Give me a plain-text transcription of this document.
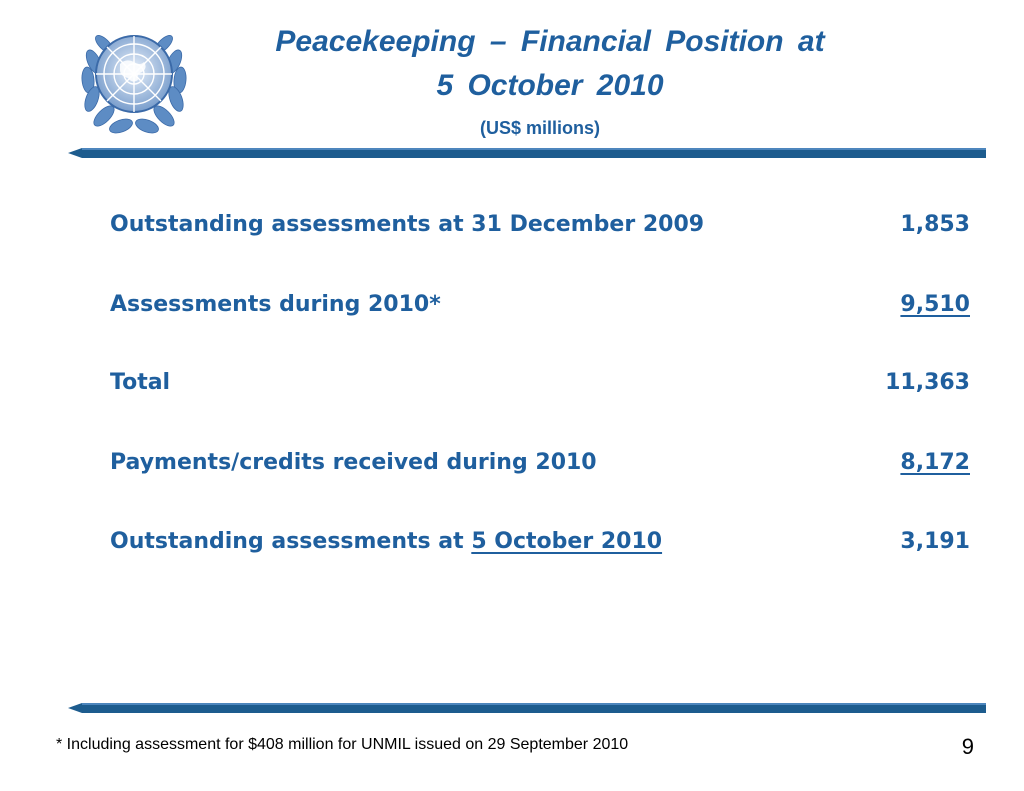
Peacekeeping – Financial Position at
5 October 2010

(US$ millions)

Outstanding assessments at 31 December 2009	1,853
Assessments during 2010*	9,510
Total	11,363
Payments/credits received during 2010	8,172
Outstanding assessments at 5 October 2010	3,191
* Including assessment for $408 million for UNMIL issued on 29 September 2010	9
